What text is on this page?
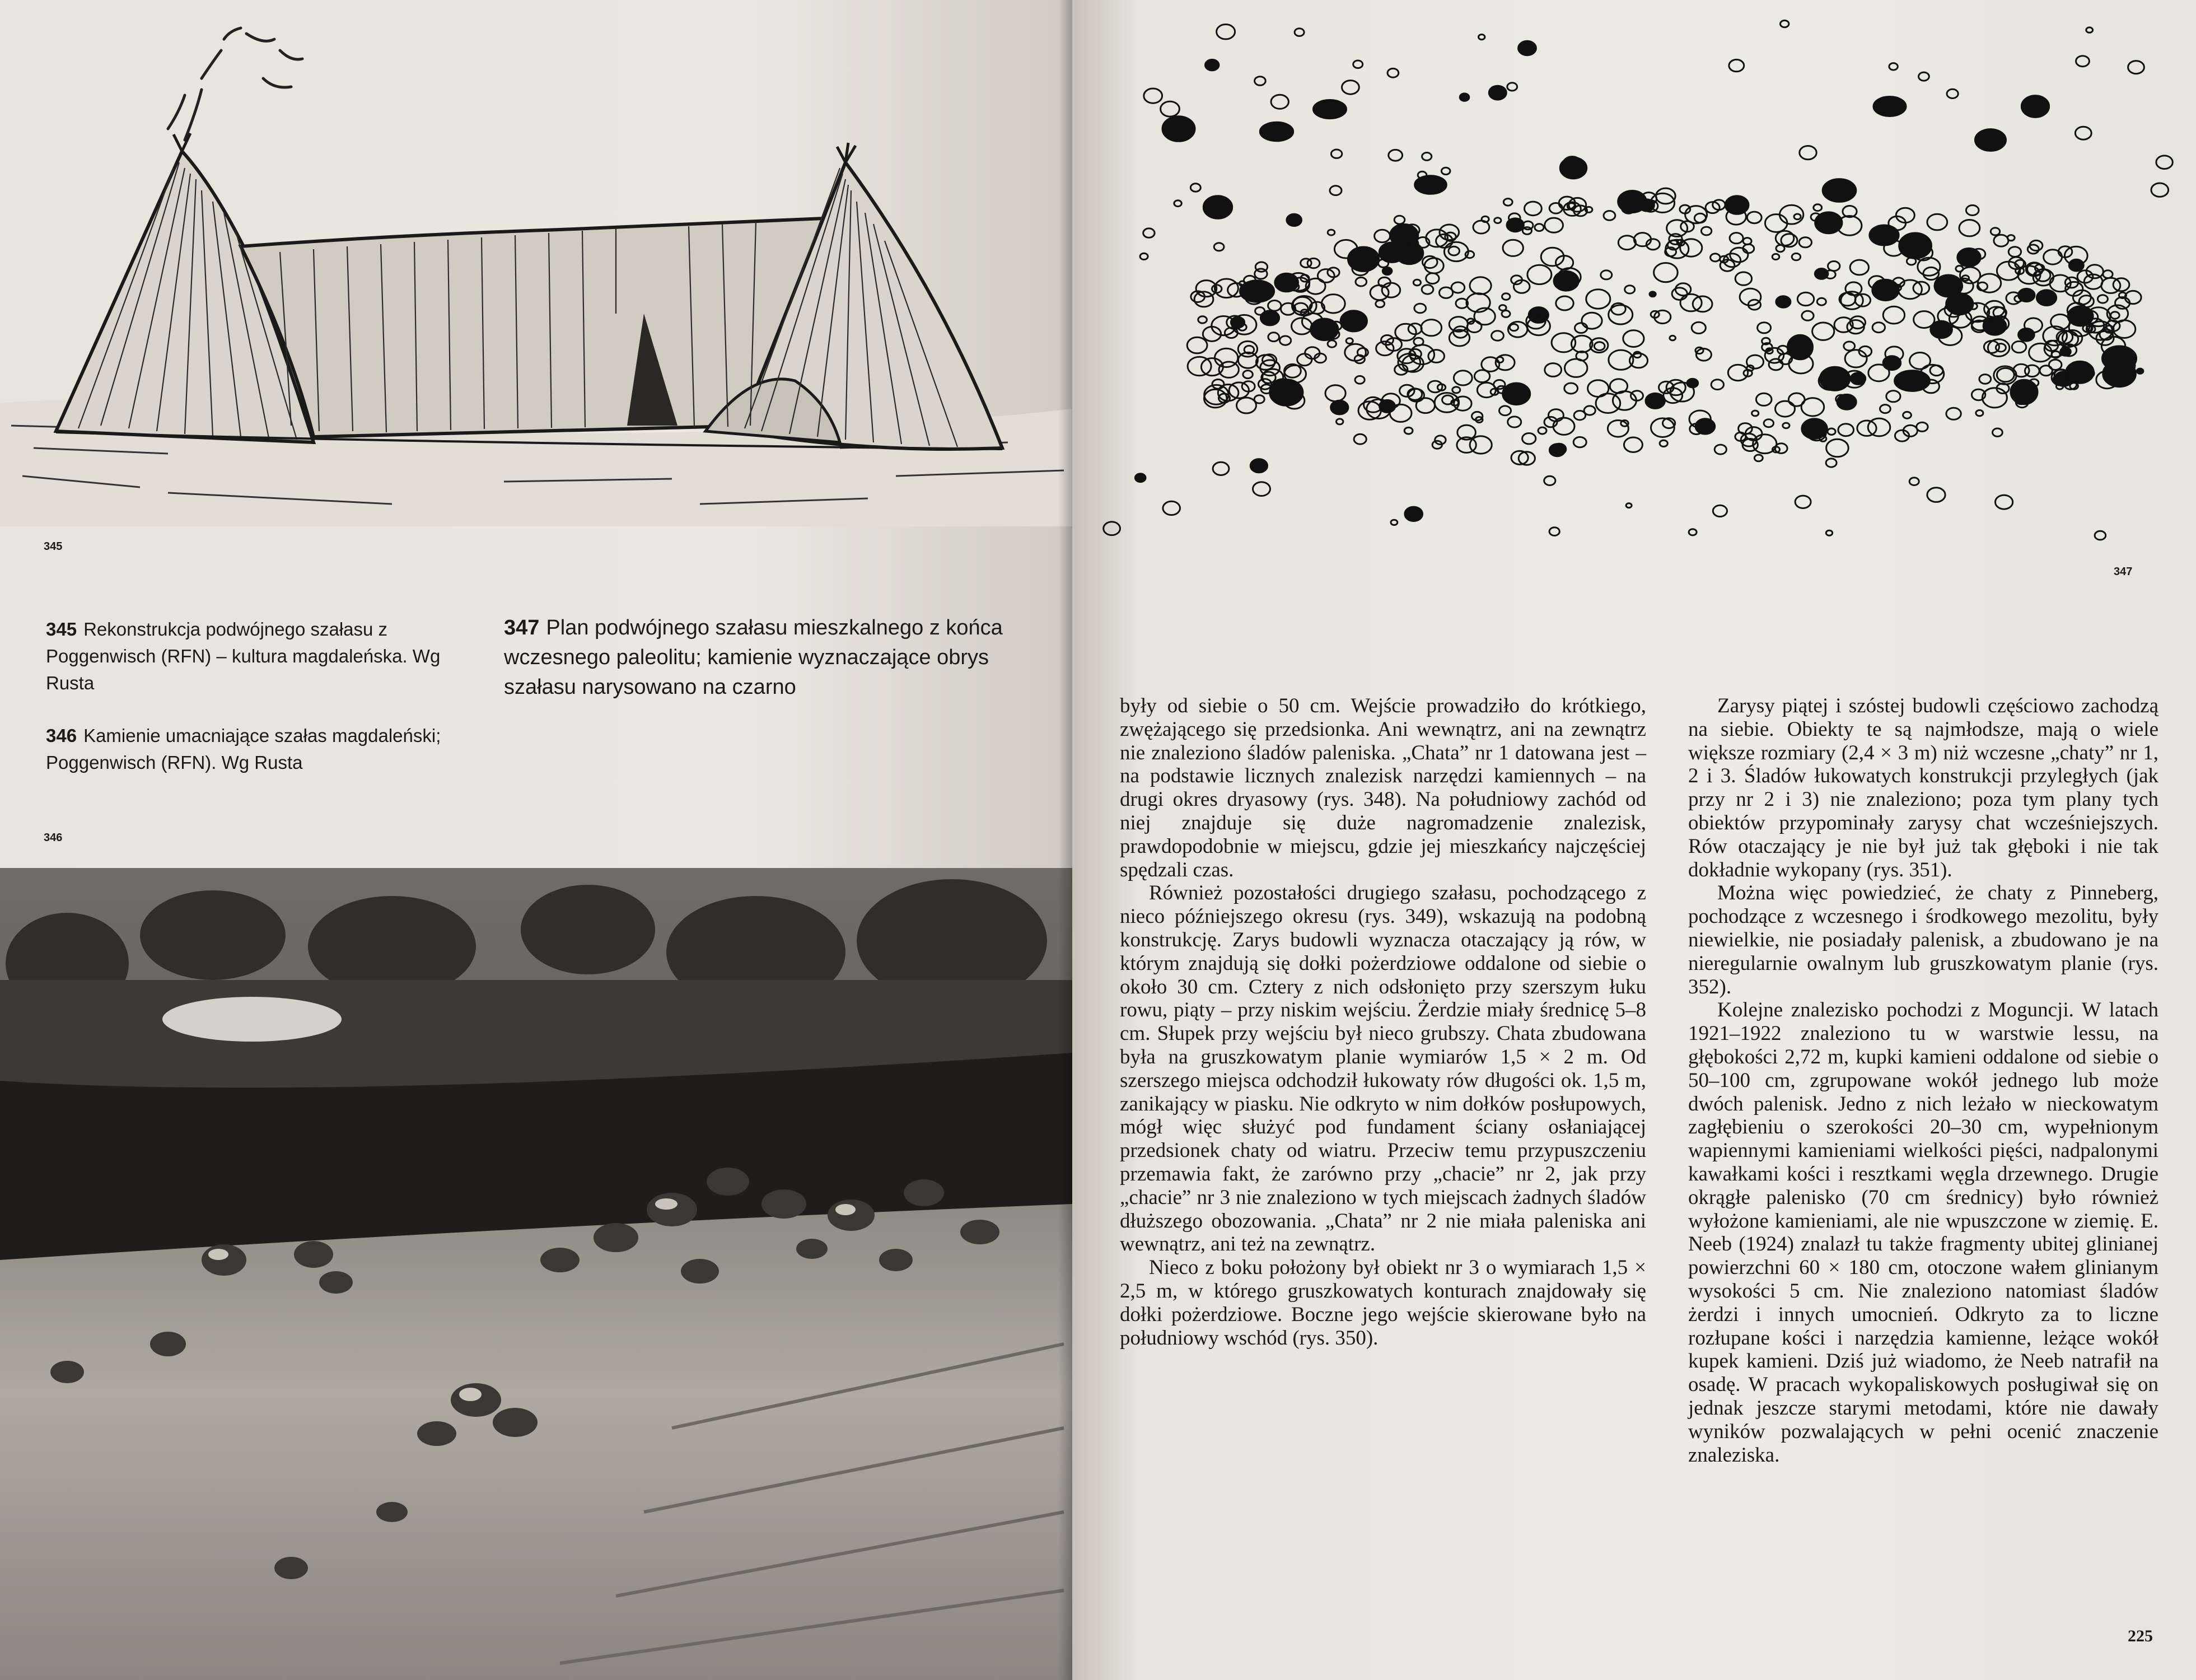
345
345 Rekonstrukcja podwójnego szałasu z Poggenwisch (RFN) – kultura magdaleńska. Wg Rusta
346 Kamienie umacniające szałas magdaleński; Poggenwisch (RFN). Wg Rusta
347 Plan podwójnego szałasu mieszkalnego z końca wczesnego paleolitu; kamienie wyznaczające obrys szałasu narysowano na czarno
346
347

były od siebie o 50 cm. Wejście prowadziło do krótkiego, zwężającego się przedsionka. Ani wewnątrz, ani na zewnątrz nie znaleziono śladów paleniska. „Chata” nr 1 datowana jest – na podstawie licznych znalezisk narzędzi kamiennych – na drugi okres dryasowy (rys. 348). Na południowy zachód od niej znajduje się duże nagromadzenie znalezisk, prawdopodobnie w miejscu, gdzie jej mieszkańcy najczęściej spędzali czas.

Również pozostałości drugiego szałasu, pochodzącego z nieco późniejszego okresu (rys. 349), wskazują na podobną konstrukcję. Zarys budowli wyznacza otaczający ją rów, w którym znajdują się dołki pożerdziowe oddalone od siebie o około 30 cm. Cztery z nich odsłonięto przy szerszym łuku rowu, piąty – przy niskim wejściu. Żerdzie miały średnicę 5–8 cm. Słupek przy wejściu był nieco grubszy. Chata zbudowana była na gruszkowatym planie wymiarów 1,5 × 2 m. Od szerszego miejsca odchodził łukowaty rów długości ok. 1,5 m, zanikający w piasku. Nie odkryto w nim dołków posłupowych, mógł więc służyć pod fundament ściany osłaniającej przedsionek chaty od wiatru. Przeciw temu przypuszczeniu przemawia fakt, że zarówno przy „chacie” nr 2, jak przy „chacie” nr 3 nie znaleziono w tych miejscach żadnych śladów dłuższego obozowania. „Chata” nr 2 nie miała paleniska ani wewnątrz, ani też na zewnątrz.

Nieco z boku położony był obiekt nr 3 o wymiarach 1,5 × 2,5 m, w którego gruszkowatych konturach znajdowały się dołki pożerdziowe. Boczne jego wejście skierowane było na południowy wschód (rys. 350).

Zarysy piątej i szóstej budowli częściowo zachodzą na siebie. Obiekty te są najmłodsze, mają o wiele większe rozmiary (2,4 × 3 m) niż wczesne „chaty” nr 1, 2 i 3. Śladów łukowatych konstrukcji przyległych (jak przy nr 2 i 3) nie znaleziono; poza tym plany tych obiektów przypominały zarysy chat wcześniejszych. Rów otaczający je nie był już tak głęboki i nie tak dokładnie wykopany (rys. 351).

Można więc powiedzieć, że chaty z Pinneberg, pochodzące z wczesnego i środkowego mezolitu, były niewielkie, nie posiadały palenisk, a zbudowano je na nieregularnie owalnym lub gruszkowatym planie (rys. 352).

Kolejne znalezisko pochodzi z Moguncji. W latach 1921–1922 znaleziono tu w warstwie lessu, na głębokości 2,72 m, kupki kamieni oddalone od siebie o 50–100 cm, zgrupowane wokół jednego lub może dwóch palenisk. Jedno z nich leżało w nieckowatym zagłębieniu o szerokości 20–30 cm, wypełnionym wapiennymi kamieniami wielkości pięści, nadpalonymi kawałkami kości i resztkami węgla drzewnego. Drugie okrągłe palenisko (70 cm średnicy) było również wyłożone kamieniami, ale nie wpuszczone w ziemię. E. Neeb (1924) znalazł tu także fragmenty ubitej glinianej powierzchni 60 × 180 cm, otoczone wałem glinianym wysokości 5 cm. Nie znaleziono natomiast śladów żerdzi i innych umocnień. Odkryto za to liczne rozłupane kości i narzędzia kamienne, leżące wokół kupek kamieni. Dziś już wiadomo, że Neeb natrafił na osadę. W pracach wykopaliskowych posługiwał się on jednak jeszcze starymi metodami, które nie dawały wyników pozwalających w pełni ocenić znaczenie znaleziska.

225
